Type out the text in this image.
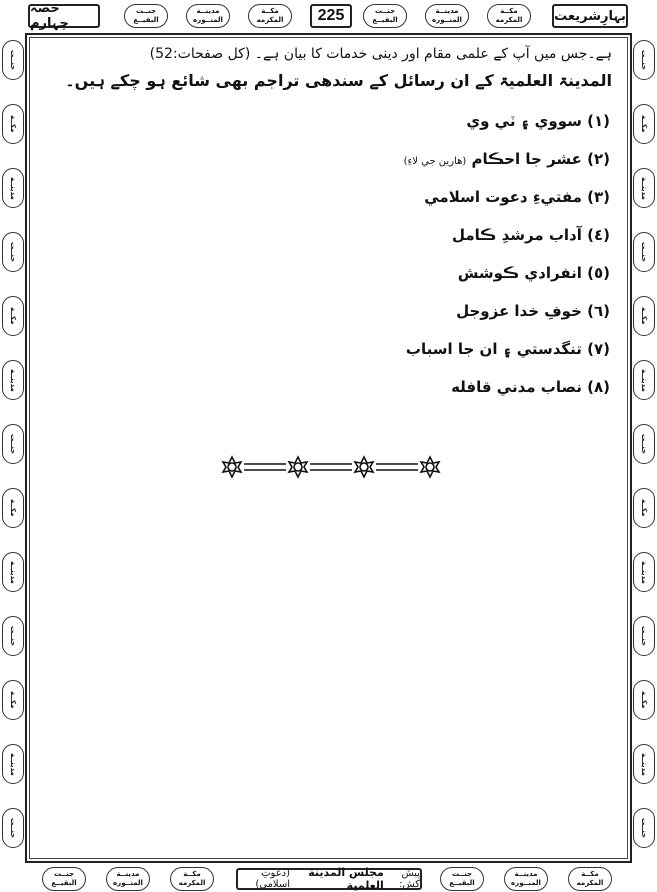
حصہ چہارم
جنــت
البقيــع
مدينــة
المنــوره
مكــة
المكرمه 225	جنــت
البقيــع
مدينــة
المنــوره
مكــة
المكرمه بہارِشریعت
جنــت
مكــة
مدينــة
جنــت
مكــة
مدينــة
جنــت
مكــة
مدينــة
جنــت
مكــة
مدينــة
جنــت
جنــت
مكــة
مدينــة
جنــت
مكــة
مدينــة
جنــت
مكــة
مدينــة
جنــت
مكــة
مدينــة
جنــت
ہے۔جس میں آپ کے علمی مقام اور دینی خدمات کا بیان ہے۔ (کل صفحات:52)
المدینۃ العلمیۃ کے ان رسائل کے سندھی تراجم بھی شائع ہو چکے ہیں۔
(١) سووي ۽ ٽي وي
(٢) عشر جا احڪام (هارين جي لاءِ)
(٣) مفتيءِ دعوت اسلامي
(٤) آداب مرشدِ ڪامل
(٥) انفرادي ڪوشش
(٦) خوفِ خدا عزوجل
(٧) تنگدستي ۽ ان جا اسباب
(٨) نصاب مدني قافله
جنــت
البقيــع
مدينــة
المنــوره
مكــة
المكرمه
پیش کش:
مجلس المدينة العلمية
(دعوتِ اسلامی)
جنــت
البقيــع
مدينــة
المنــوره
مكــة
المكرمه
